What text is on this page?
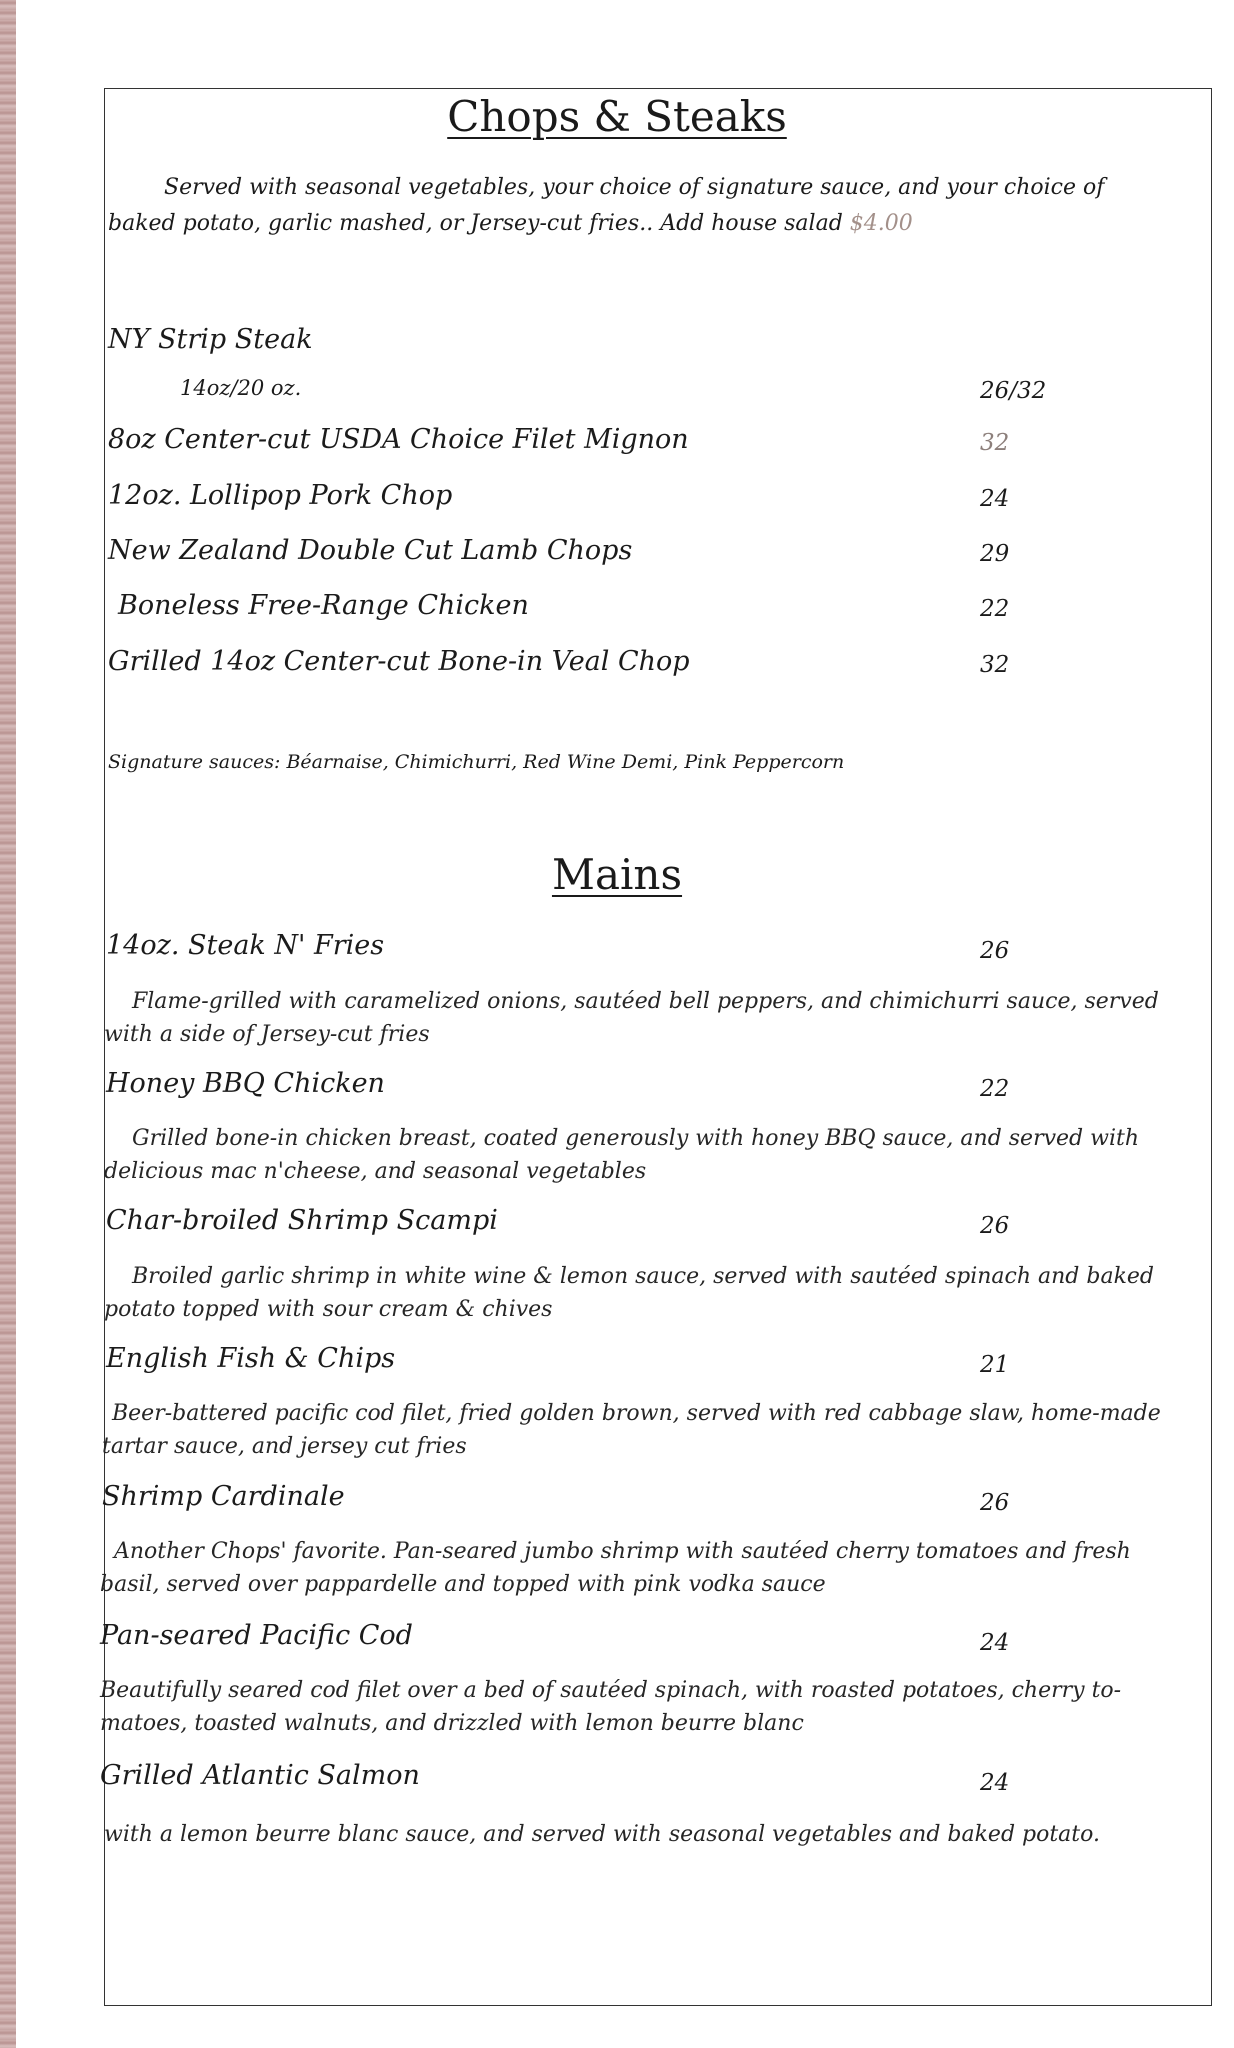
Chops & Steaks
Served with seasonal vegetables, your choice of signature sauce, and your choice of baked potato, garlic mashed, or Jersey-cut fries.. Add house salad $4.00
NY Strip Steak
14oz/20 oz.	26/32
8oz Center-cut USDA Choice Filet Mignon	32
12oz. Lollipop Pork Chop	24
New Zealand Double Cut Lamb Chops	29
Boneless Free-Range Chicken	22
Grilled 14oz Center-cut Bone-in Veal Chop	32
Signature sauces: Béarnaise, Chimichurri, Red Wine Demi, Pink Peppercorn
Mains
14oz. Steak N' Fries	26
Flame-grilled with caramelized onions, sautéed bell peppers, and chimichurri sauce, served with a side of Jersey-cut fries
Honey BBQ Chicken	22
Grilled bone-in chicken breast, coated generously with honey BBQ sauce, and served with delicious mac n'cheese, and seasonal vegetables
Char-broiled Shrimp Scampi	26
Broiled garlic shrimp in white wine & lemon sauce, served with sautéed spinach and baked potato topped with sour cream & chives
English Fish & Chips	21
Beer-battered pacific cod filet, fried golden brown, served with red cabbage slaw, home-made tartar sauce, and jersey cut fries
Shrimp Cardinale	26
Another Chops' favorite. Pan-seared jumbo shrimp with sautéed cherry tomatoes and fresh basil, served over pappardelle and topped with pink vodka sauce
Pan-seared Pacific Cod	24
Beautifully seared cod filet over a bed of sautéed spinach, with roasted potatoes, cherry to-matoes, toasted walnuts, and drizzled with lemon beurre blanc
Grilled Atlantic Salmon	24
with a lemon beurre blanc sauce, and served with seasonal vegetables and baked potato.
